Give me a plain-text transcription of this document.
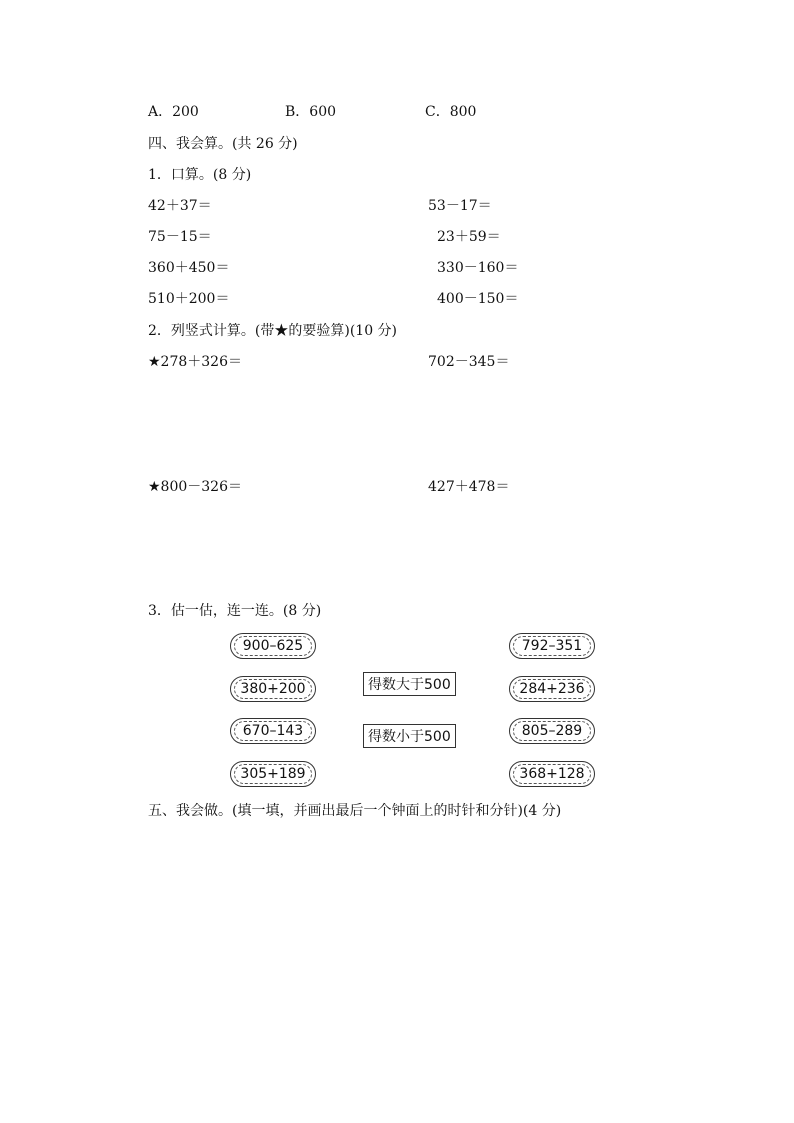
A．200	B．600	C．800
四、我会算。(共 26 分)
1．口算。(8 分)
42＋37＝	53－17＝
75－15＝	23＋59＝
360＋450＝	330－160＝
510＋200＝	400－150＝
2．列竖式计算。(带★的要验算)(10 分)
★278＋326＝	702－345＝
★800－326＝	427＋478＝
3．估一估，连一连。(8 分)
900–625
380+200
670–143
305+189
得数大于500
得数小于500
792–351
284+236
805–289
368+128
五、我会做。(填一填，并画出最后一个钟面上的时针和分针)(4 分)
